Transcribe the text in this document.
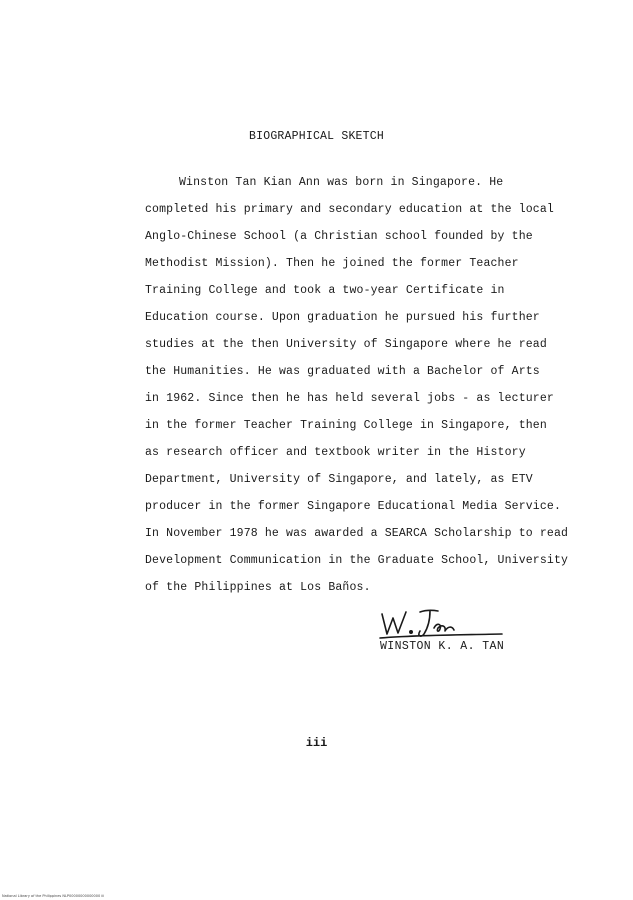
BIOGRAPHICAL SKETCH
Winston Tan Kian Ann was born in Singapore. He
completed his primary and secondary education at the local
Anglo-Chinese School (a Christian school founded by the
Methodist Mission). Then he joined the former Teacher
Training College and took a two-year Certificate in
Education course. Upon graduation he pursued his further
studies at the then University of Singapore where he read
the Humanities. He was graduated with a Bachelor of Arts
in 1962. Since then he has held several jobs - as lecturer
in the former Teacher Training College in Singapore, then
as research officer and textbook writer in the History
Department, University of Singapore, and lately, as ETV
producer in the former Singapore Educational Media Service.
In November 1978 he was awarded a SEARCA Scholarship to read
Development Communication in the Graduate School, University
of the Philippines at Los Baños.
WINSTON K. A. TAN
iii
National Library of the Philippines NLP00000000000000 iii
